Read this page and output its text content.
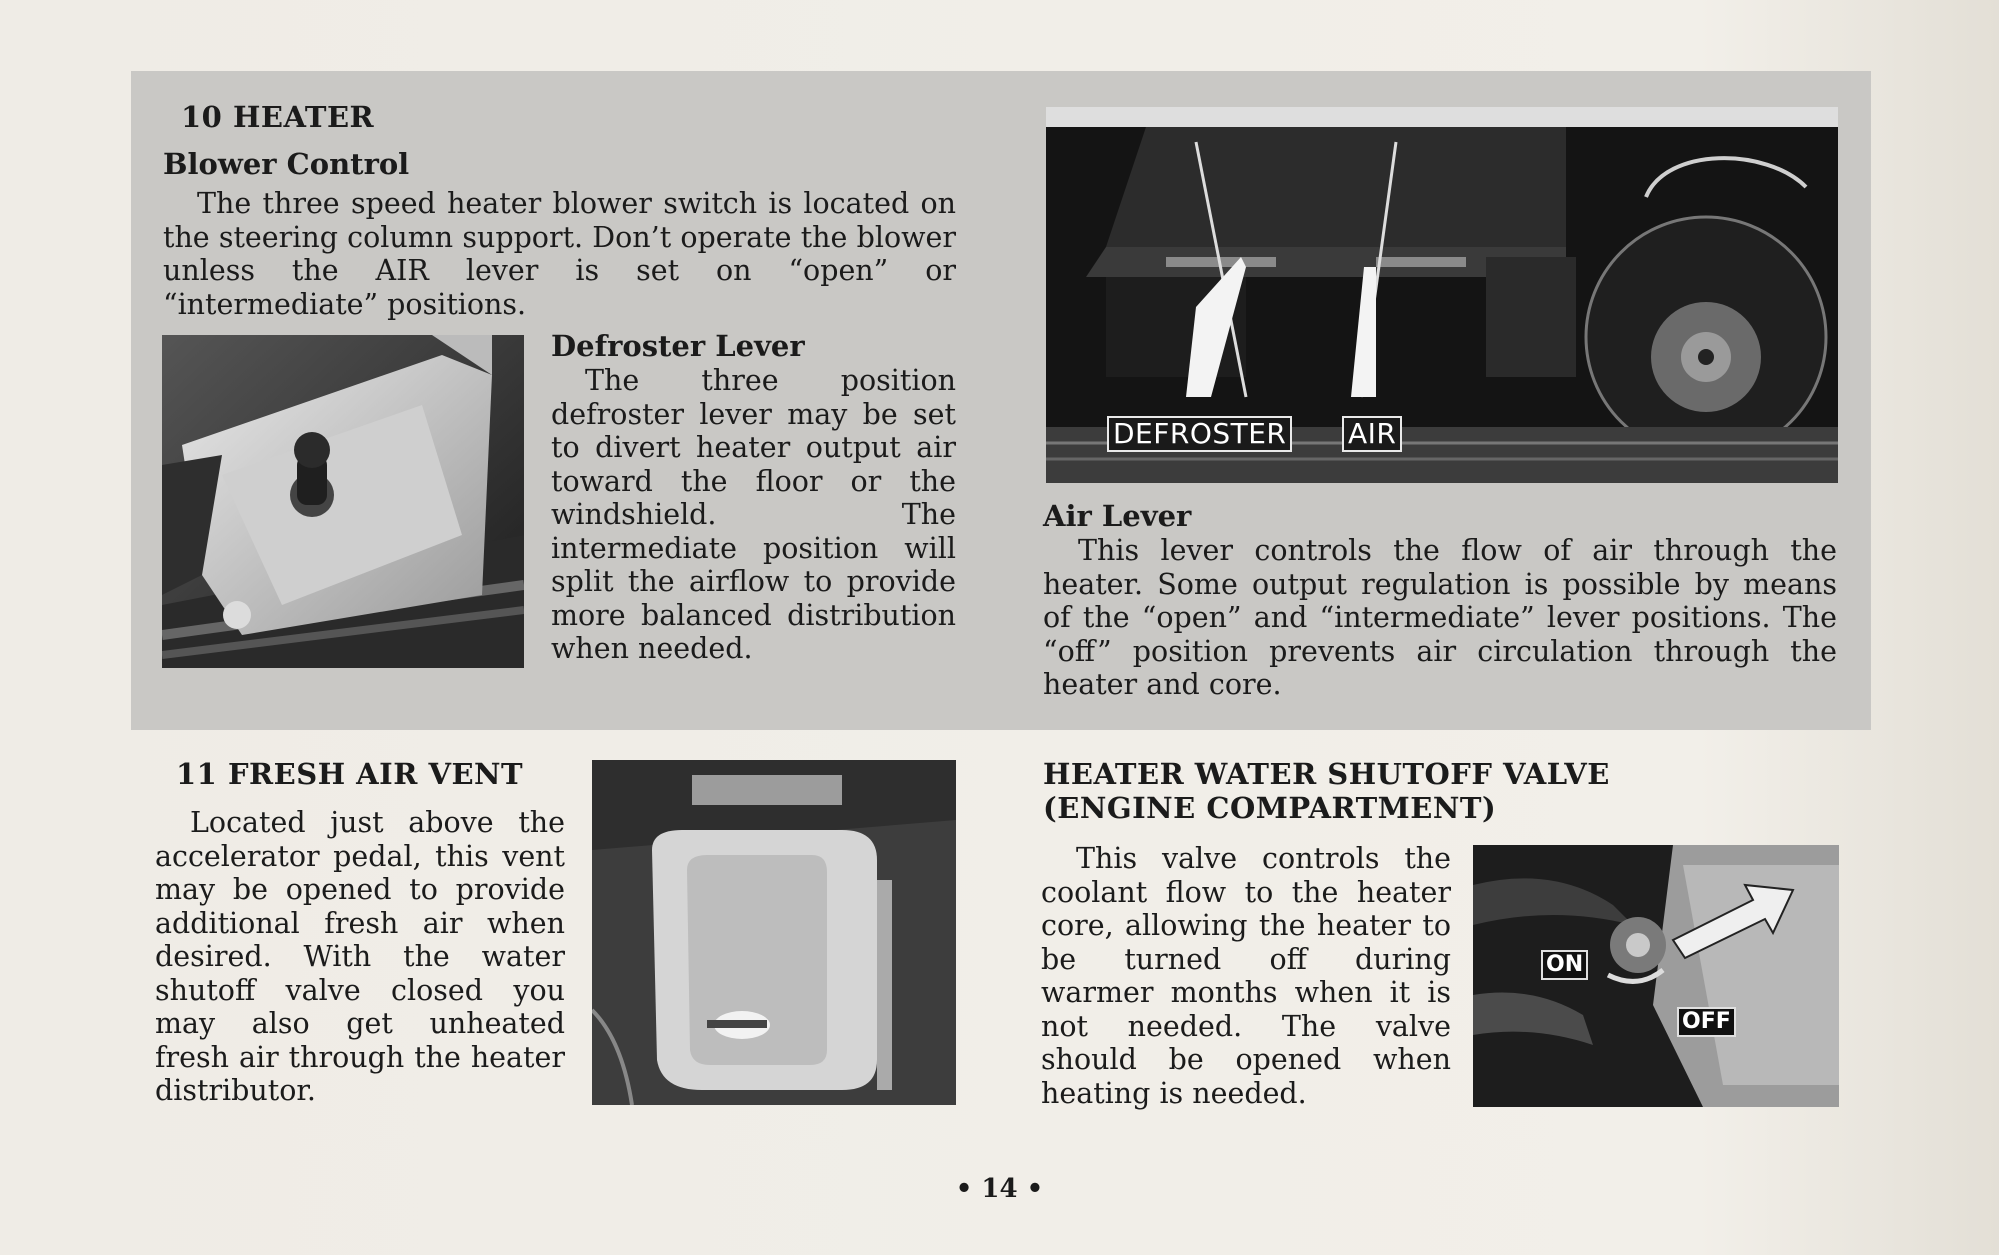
10 HEATER

Blower Control

The three speed heater blower switch is located on the steering column support. Don’t operate the blower unless the AIR lever is set on “open” or “intermediate” positions.

Defroster Lever

The three position defroster lever may be set to divert heater output air toward the floor or the windshield. The intermediate position will split the airflow to provide more balanced distribution when needed.

DEFROSTER AIR

Air Lever

This lever controls the flow of air through the heater. Some output regulation is possible by means of the “open” and “intermediate” lever positions. The “off” position prevents air circulation through the heater and core.

11 FRESH AIR VENT

Located just above the accelerator pedal, this vent may be opened to provide additional fresh air when desired. With the water shutoff valve closed you may also get unheated fresh air through the heater distributor.

HEATER WATER SHUTOFF VALVE

(ENGINE COMPARTMENT)

This valve controls the coolant flow to the heater core, allowing the heater to be turned off during warmer months when it is not needed. The valve should be opened when heating is needed.

ON
OFF
• 14 •
